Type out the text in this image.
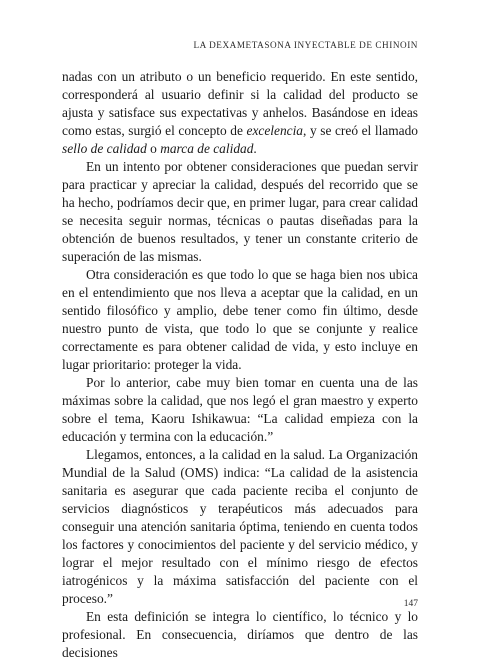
LA DEXAMETASONA INYECTABLE DE CHINOIN

nadas con un atributo o un beneficio requerido. En este sentido, corresponderá al usuario definir si la calidad del producto se ajusta y satisface sus expectativas y anhelos. Basándose en ideas como estas, surgió el concepto de excelencia, y se creó el llamado sello de calidad o marca de calidad.

En un intento por obtener consideraciones que puedan servir para practicar y apreciar la calidad, después del recorrido que se ha hecho, podríamos decir que, en primer lugar, para crear calidad se necesita seguir normas, técnicas o pautas diseñadas para la obtención de buenos resultados, y tener un constante criterio de superación de las mismas.

Otra consideración es que todo lo que se haga bien nos ubica en el entendimiento que nos lleva a aceptar que la calidad, en un sentido filosófico y amplio, debe tener como fin último, desde nuestro punto de vista, que todo lo que se conjunte y realice correctamente es para obtener calidad de vida, y esto incluye en lugar prioritario: proteger la vida.

Por lo anterior, cabe muy bien tomar en cuenta una de las máximas sobre la calidad, que nos legó el gran maestro y experto sobre el tema, Kaoru Ishikawua: “La calidad empieza con la educación y termina con la educación.”

Llegamos, entonces, a la calidad en la salud. La Organización Mundial de la Salud (OMS) indica: “La calidad de la asistencia sanitaria es asegurar que cada paciente reciba el conjunto de servicios diagnósticos y terapéuticos más adecuados para conseguir una atención sanitaria óptima, teniendo en cuenta todos los factores y conocimientos del paciente y del servicio médico, y lograr el mejor resultado con el mínimo riesgo de efectos iatrogénicos y la máxima satisfacción del paciente con el proceso.”

En esta definición se integra lo científico, lo técnico y lo profesional. En consecuencia, diríamos que dentro de las decisiones

147
